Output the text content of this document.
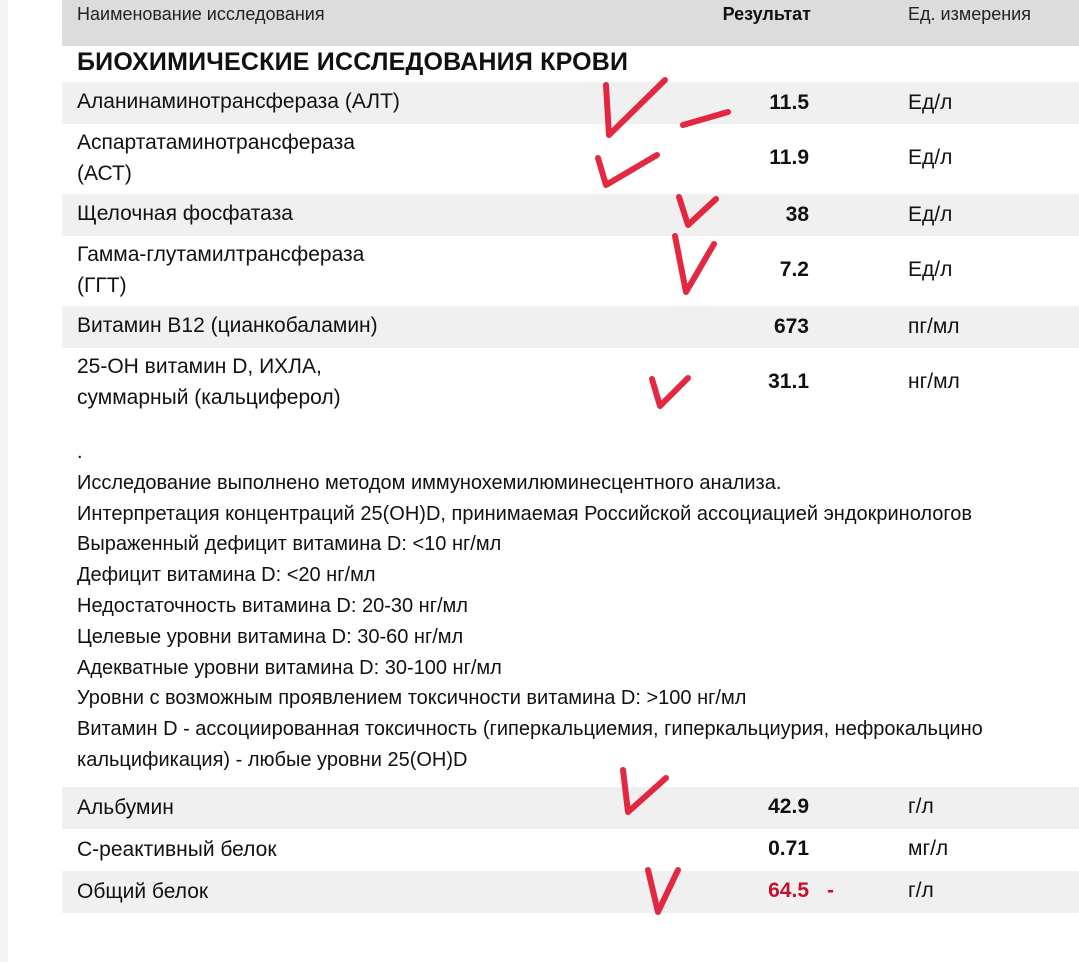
Наименование исследования	Результат	Ед. измерения
БИОХИМИЧЕСКИЕ ИССЛЕДОВАНИЯ КРОВИ
Аланинаминотрансфераза (АЛТ)	11.5	Ед/л
Аспартатаминотрансфераза
(АСТ)
11.9	Ед/л
Щелочная фосфатаза	38	Ед/л
Гамма-глутамилтрансфераза
(ГГТ)
7.2	Ед/л
Витамин B12 (цианкобаламин)	673	пг/мл
25-OH витамин D, ИХЛА,
суммарный (кальциферол)
31.1	нг/мл
.
Исследование выполнено методом иммунохемилюминесцентного анализа.
Интерпретация концентраций 25(OH)D, принимаемая Российской ассоциацией эндокринологов
Выраженный дефицит витамина D: <10 нг/мл
Дефицит витамина D: <20 нг/мл
Недостаточность витамина D: 20-30 нг/мл
Целевые уровни витамина D: 30-60 нг/мл
Адекватные уровни витамина D: 30-100 нг/мл
Уровни с возможным проявлением токсичности витамина D: >100 нг/мл
Витамин D - ассоциированная токсичность (гиперкальциемия, гиперкальциурия, нефрокальцино
кальцификация) - любые уровни 25(OH)D
Альбумин	42.9	г/л
С-реактивный белок	0.71	мг/л
Общий белок	64.5 -	г/л
